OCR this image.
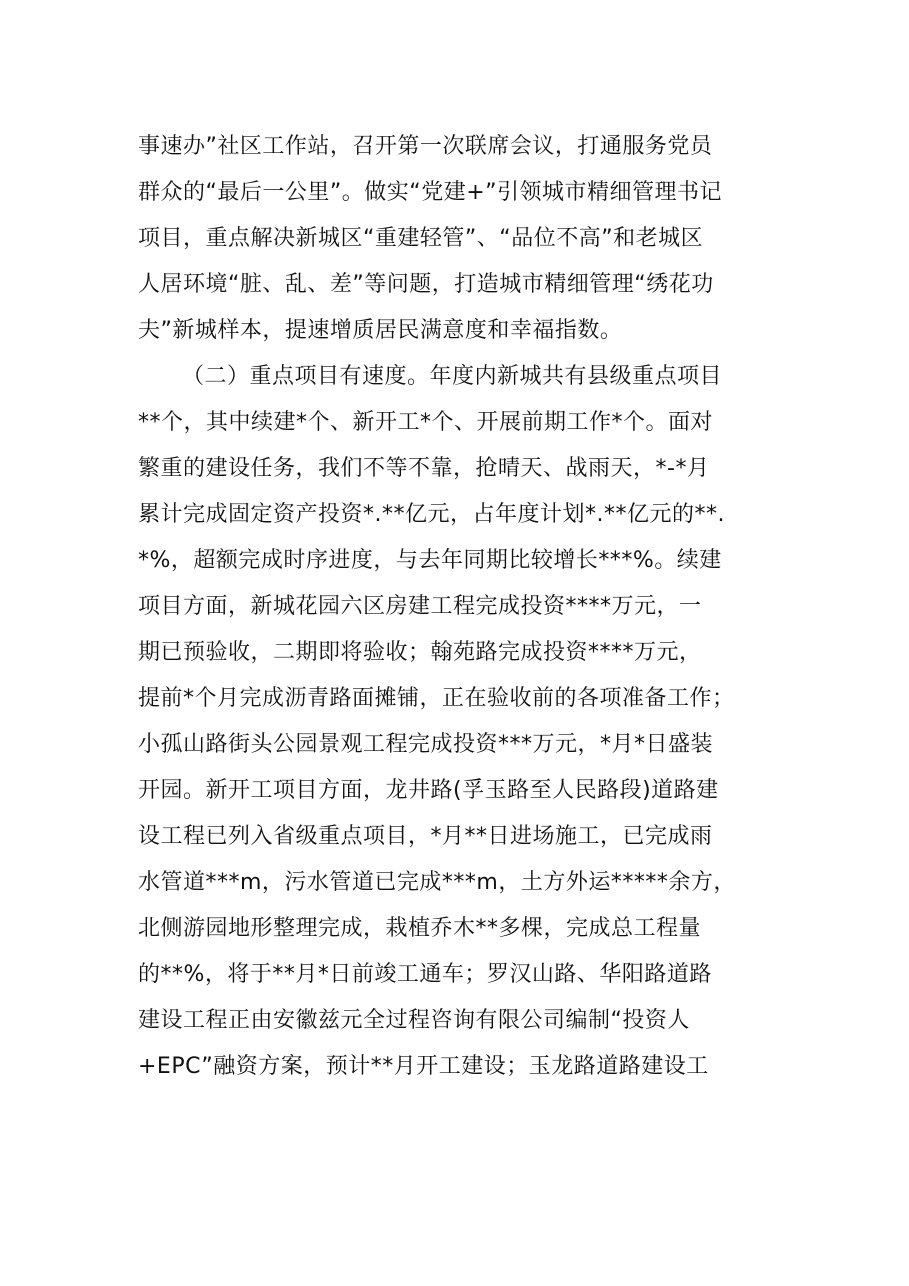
事速办”社区工作站，召开第一次联席会议，打通服务党员
群众的“最后一公里”。做实“党建+”引领城市精细管理书记
项目，重点解决新城区“重建轻管”、“品位不高”和老城区
人居环境“脏、乱、差”等问题，打造城市精细管理“绣花功
夫”新城样本，提速增质居民满意度和幸福指数。
（二）重点项目有速度。年度内新城共有县级重点项目
**个，其中续建*个、新开工*个、开展前期工作*个。面对
繁重的建设任务，我们不等不靠，抢晴天、战雨天，*-*月
累计完成固定资产投资*.**亿元，占年度计划*.**亿元的**.
*%，超额完成时序进度，与去年同期比较增长***%。续建
项目方面，新城花园六区房建工程完成投资****万元，一
期已预验收，二期即将验收；翰苑路完成投资****万元，
提前*个月完成沥青路面摊铺，正在验收前的各项准备工作；
小孤山路街头公园景观工程完成投资***万元，*月*日盛装
开园。新开工项目方面，龙井路(孚玉路至人民路段)道路建
设工程已列入省级重点项目，*月**日进场施工，已完成雨
水管道***m，污水管道已完成***m，土方外运*****余方，
北侧游园地形整理完成，栽植乔木**多棵，完成总工程量
的**%，将于**月*日前竣工通车；罗汉山路、华阳路道路
建设工程正由安徽兹元全过程咨询有限公司编制“投资人
+EPC”融资方案，预计**月开工建设；玉龙路道路建设工
